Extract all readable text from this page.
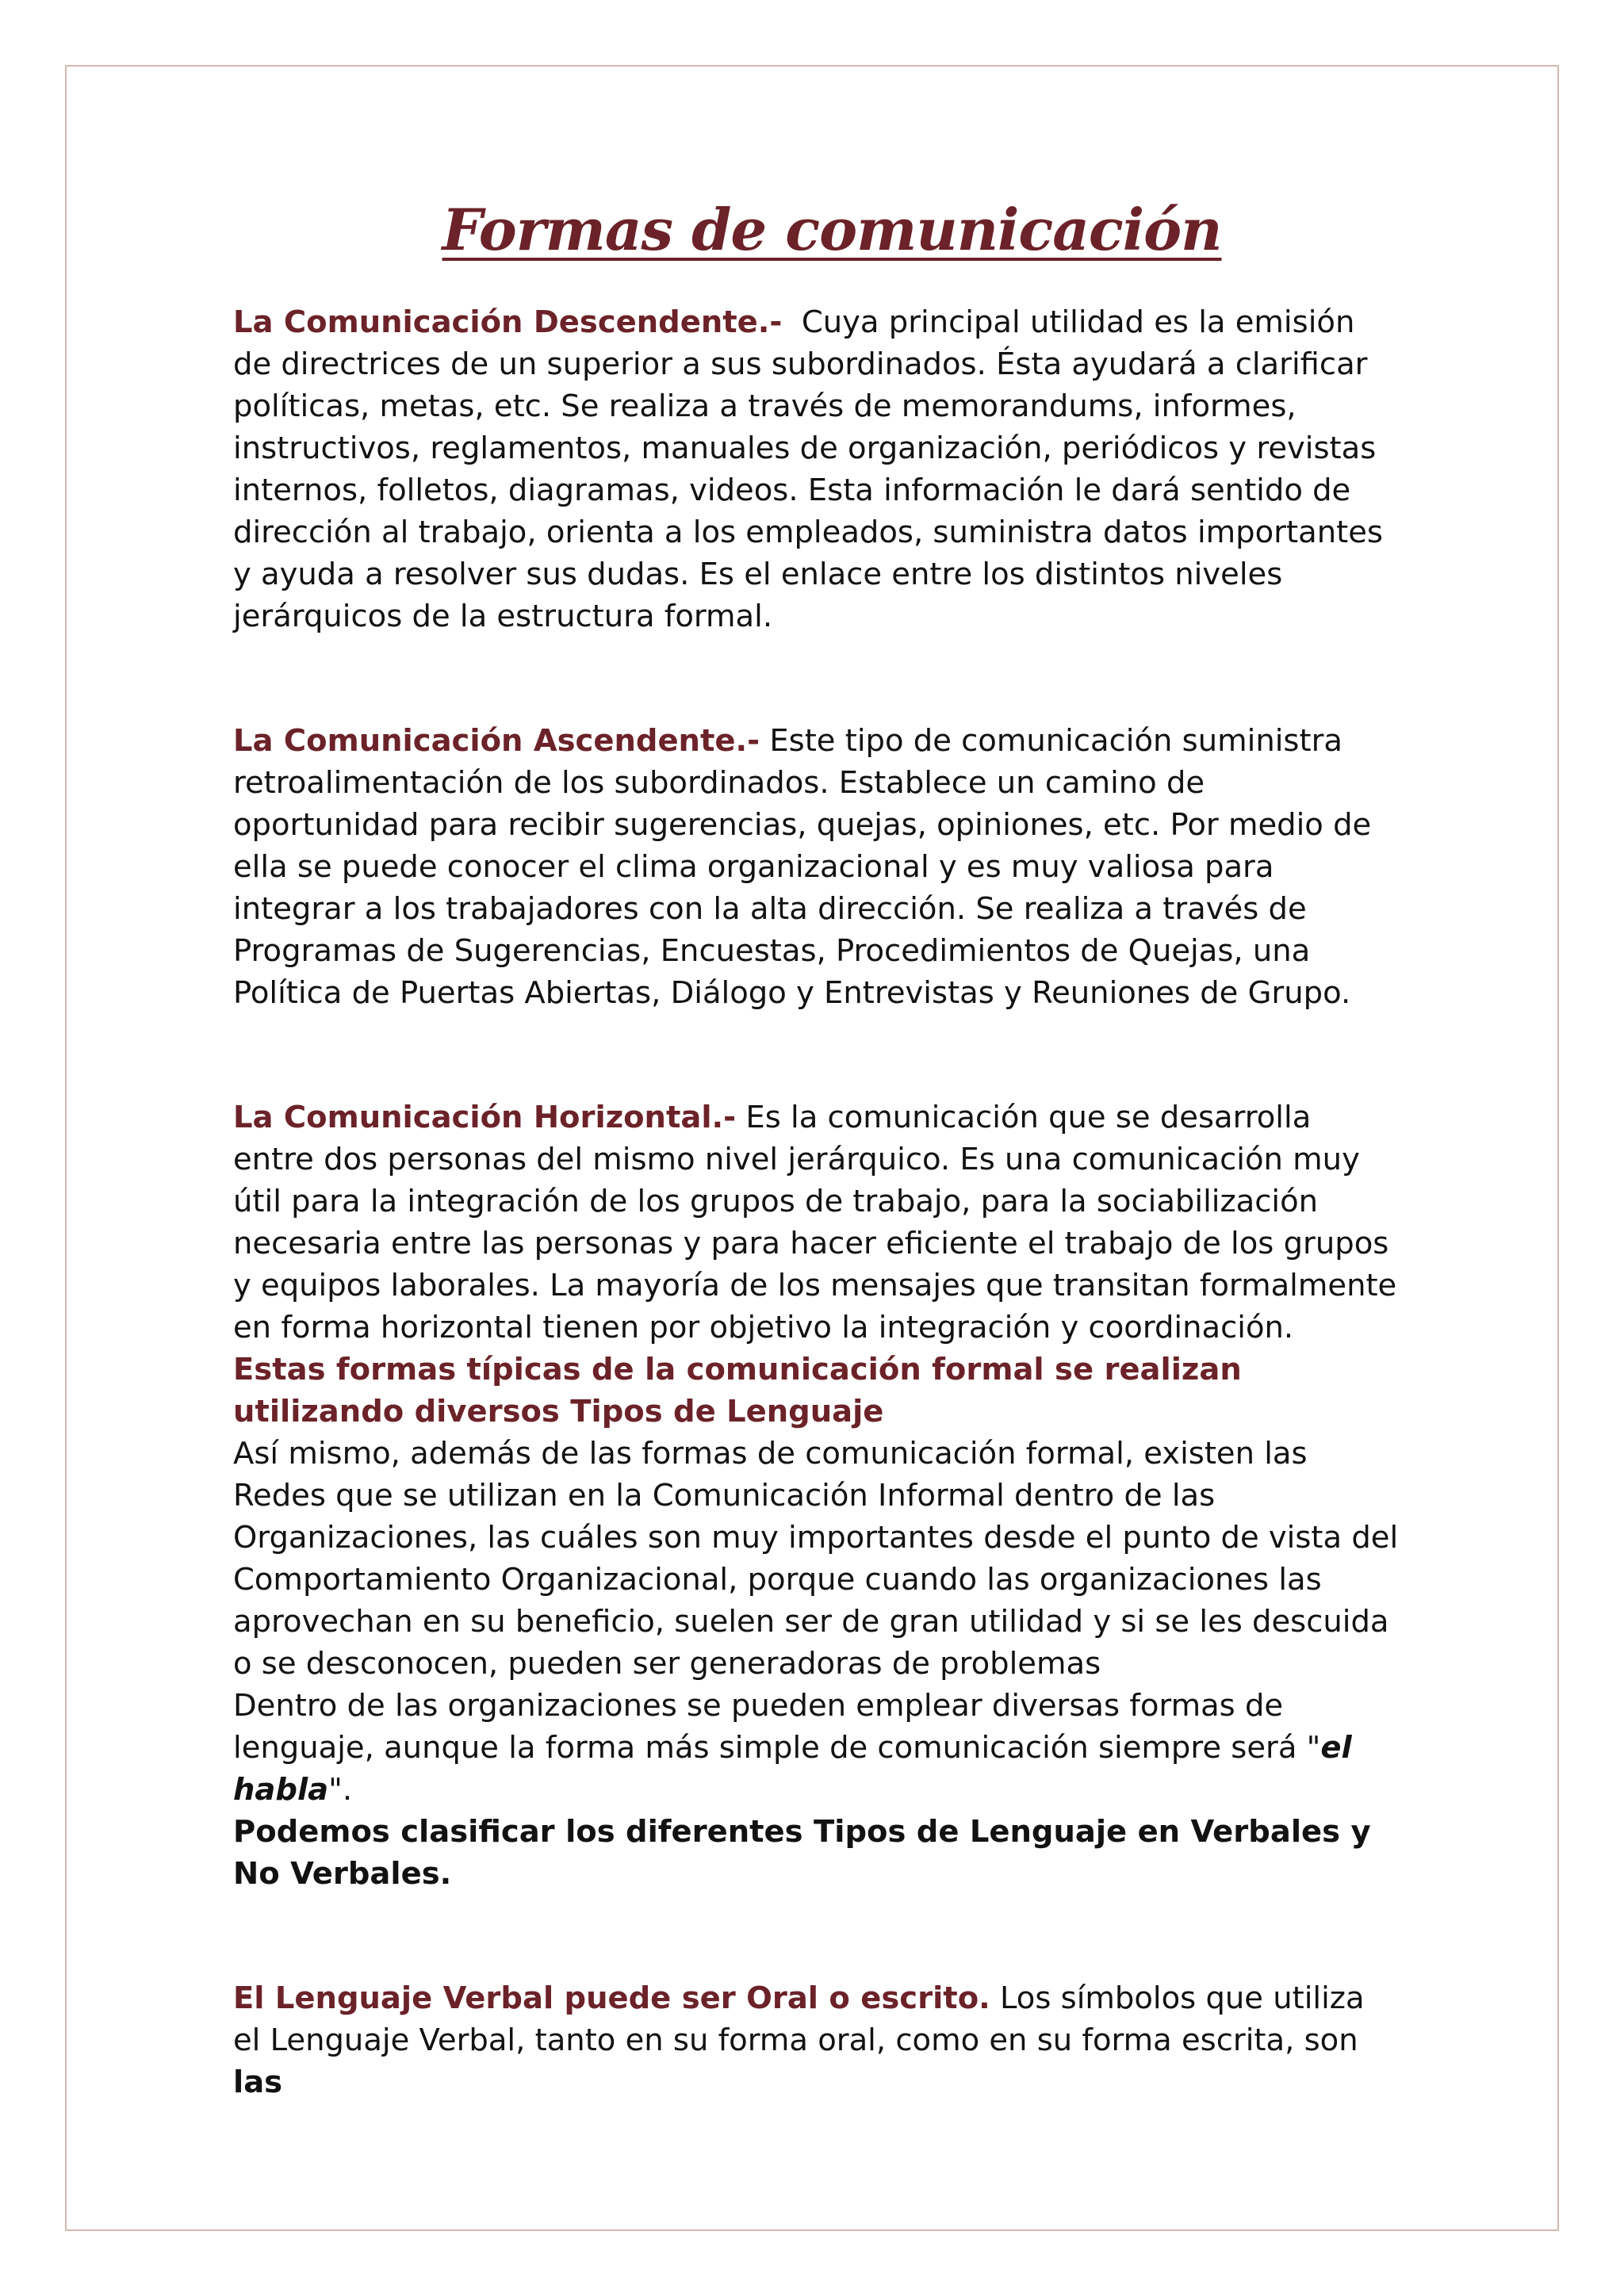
Formas de comunicación

La Comunicación Descendente.-  Cuya principal utilidad es la emisión de directrices de un superior a sus subordinados. Ésta ayudará a clarificar políticas, metas, etc. Se realiza a través de memorandums, informes, instructivos, reglamentos, manuales de organización, periódicos y revistas internos, folletos, diagramas, videos. Esta información le dará sentido de dirección al trabajo, orienta a los empleados, suministra datos importantes y ayuda a resolver sus dudas. Es el enlace entre los distintos niveles jerárquicos de la estructura formal.

La Comunicación Ascendente.- Este tipo de comunicación suministra retroalimentación de los subordinados. Establece un camino de oportunidad para recibir sugerencias, quejas, opiniones, etc. Por medio de ella se puede conocer el clima organizacional y es muy valiosa para integrar a los trabajadores con la alta dirección. Se realiza a través de Programas de Sugerencias, Encuestas, Procedimientos de Quejas, una Política de Puertas Abiertas, Diálogo y Entrevistas y Reuniones de Grupo.

La Comunicación Horizontal.- Es la comunicación que se desarrolla entre dos personas del mismo nivel jerárquico. Es una comunicación muy útil para la integración de los grupos de trabajo, para la sociabilización necesaria entre las personas y para hacer eficiente el trabajo de los grupos y equipos laborales. La mayoría de los mensajes que transitan formalmente en forma horizontal tienen por objetivo la integración y coordinación.

Estas formas típicas de la comunicación formal se realizan utilizando diversos Tipos de Lenguaje

Así mismo, además de las formas de comunicación formal, existen las Redes que se utilizan en la Comunicación Informal dentro de las Organizaciones, las cuáles son muy importantes desde el punto de vista del Comportamiento Organizacional, porque cuando las organizaciones las aprovechan en su beneficio, suelen ser de gran utilidad y si se les descuida o se desconocen, pueden ser generadoras de problemas

Dentro de las organizaciones se pueden emplear diversas formas de lenguaje, aunque la forma más simple de comunicación siempre será "el habla".

Podemos clasificar los diferentes Tipos de Lenguaje en Verbales y No Verbales.

El Lenguaje Verbal puede ser Oral o escrito. Los símbolos que utiliza el Lenguaje Verbal, tanto en su forma oral, como en su forma escrita, son las
